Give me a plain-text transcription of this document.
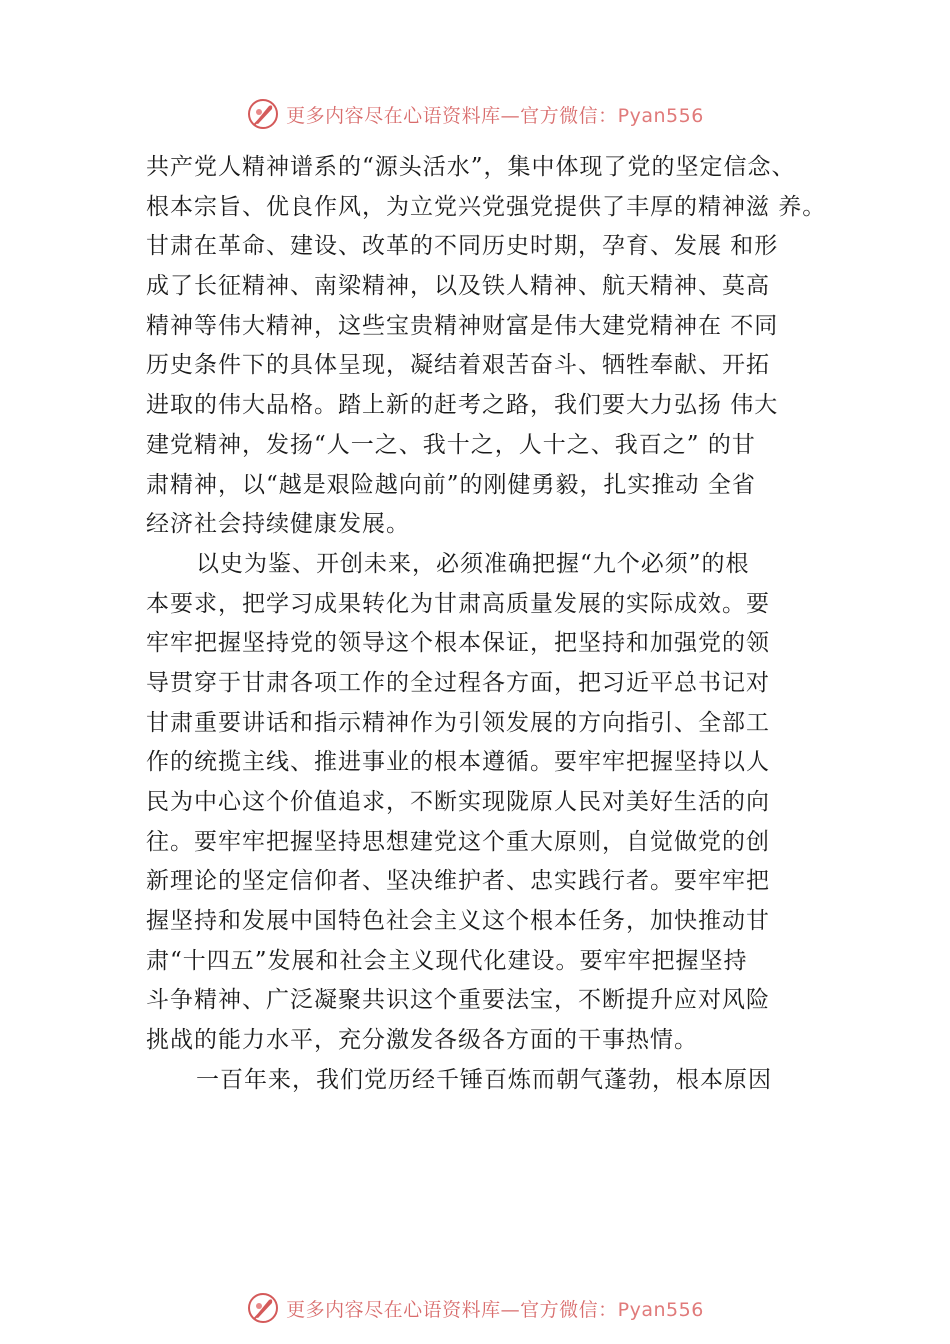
更多内容尽在心语资料库—官方微信：Pyan556
共产党人精神谱系的“源头活水”，集中体现了党的坚定信念、
根本宗旨、优良作风，为立党兴党强党提供了丰厚的精神滋 养。
甘肃在革命、建设、改革的不同历史时期，孕育、发展 和形
成了长征精神、南梁精神，以及铁人精神、航天精神、莫高
精神等伟大精神，这些宝贵精神财富是伟大建党精神在 不同
历史条件下的具体呈现，凝结着艰苦奋斗、牺牲奉献、开拓
进取的伟大品格。踏上新的赶考之路，我们要大力弘扬 伟大
建党精神，发扬“人一之、我十之，人十之、我百之” 的甘
肃精神，以“越是艰险越向前”的刚健勇毅，扎实推动 全省
经济社会持续健康发展。
以史为鉴、开创未来，必须准确把握“九个必须”的根
本要求，把学习成果转化为甘肃高质量发展的实际成效。要
牢牢把握坚持党的领导这个根本保证，把坚持和加强党的领
导贯穿于甘肃各项工作的全过程各方面，把习近平总书记对
甘肃重要讲话和指示精神作为引领发展的方向指引、全部工
作的统揽主线、推进事业的根本遵循。要牢牢把握坚持以人
民为中心这个价值追求，不断实现陇原人民对美好生活的向
往。要牢牢把握坚持思想建党这个重大原则，自觉做党的创
新理论的坚定信仰者、坚决维护者、忠实践行者。要牢牢把
握坚持和发展中国特色社会主义这个根本任务，加快推动甘
肃“十四五”发展和社会主义现代化建设。要牢牢把握坚持
斗争精神、广泛凝聚共识这个重要法宝，不断提升应对风险
挑战的能力水平，充分激发各级各方面的干事热情。
一百年来，我们党历经千锤百炼而朝气蓬勃，根本原因
更多内容尽在心语资料库—官方微信：Pyan556
